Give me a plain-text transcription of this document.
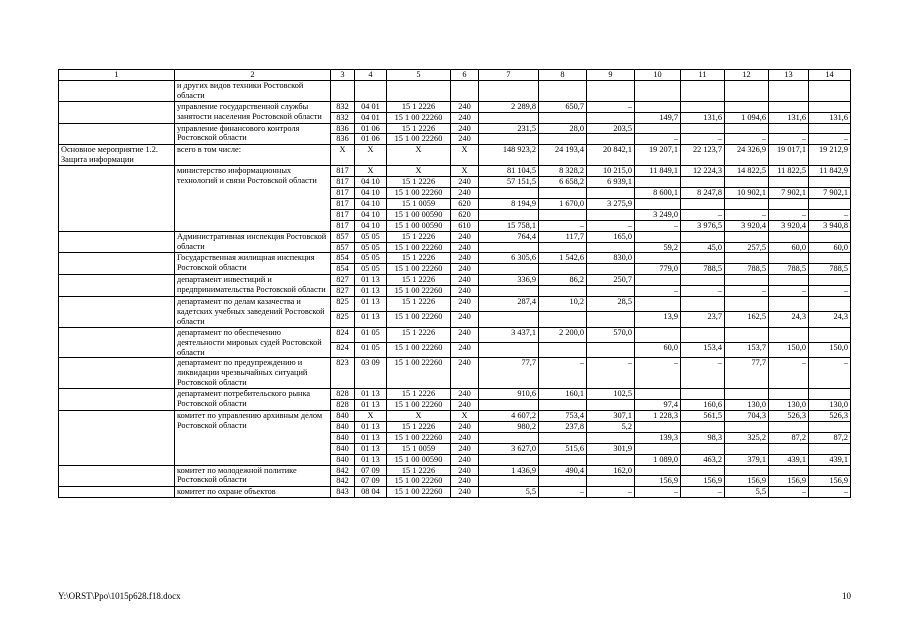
1	2	3	4	5	6	7	8	9	10	11	12	13	14
	и других видов техники Ростовской области												
	управление государственной службы занятости населения Ростовской области	832	04 01	15 1 2226	240	2 289,8	650,7	–					
		832	04 01	15 1 00 22260	240				149,7	131,6	1 094,6	131,6	131,6
	управление финансового контроля Ростовской области	836	01 06	15 1 2226	240	231,5	28,0	203,5					
		836	01 06	15 1 00 22260	240				–	–	–	–	–
Основное мероприятие 1.2. Защита информации	всего в том числе:	Х	Х	Х	Х	148 923,2	24 193,4	20 842,1	19 207,1	22 123,7	24 326,9	19 017,1	19 212,9
	министерство информационных технологий и связи Ростовской области	817	Х	Х	Х	81 104,5	8 328,2	10 215,0	11 849,1	12 224,3	14 822,5	11 822,5	11 842,9
		817	04 10	15 1 2226	240	57 151,5	6 658,2	6 939,1					
		817	04 10	15 1 00 22260	240				8 600,1	8 247,8	10 902,1	7 902,1	7 902,1
		817	04 10	15 1 0059	620	8 194,9	1 670,0	3 275,9					
		817	04 10	15 1 00 00590	620				3 249,0	–	–	–	–
		817	04 10	15 1 00 00590	610	15 758,1	–	–	–	3 976,5	3 920,4	3 920,4	3 940,8
	Административная инспекция Ростовской области	857	05 05	15 1 2226	240	764,4	117,7	165,0					
		857	05 05	15 1 00 22260	240				59,2	45,0	257,5	60,0	60,0
	Государственная жилищная инспекция Ростовской области	854	05 05	15 1 2226	240	6 305,6	1 542,6	830,0					
		854	05 05	15 1 00 22260	240				779,0	788,5	788,5	788,5	788,5
	департамент инвестиций и предпринимательства Ростовской области	827	01 13	15 1 2226	240	336,9	86,2	250,7					
		827	01 13	15 1 00 22260	240				–	–	–	–	–
	департамент по делам казачества и кадетских учебных заведений Ростовской области	825	01 13	15 1 2226	240	287,4	10,2	28,5					
		825	01 13	15 1 00 22260	240				13,9	23,7	162,5	24,3	24,3
	департамент по обеспечению деятельности мировых судей Ростовской области	824	01 05	15 1 2226	240	3 437,1	2 200,0	570,0					
		824	01 05	15 1 00 22260	240				60,0	153,4	153,7	150,0	150,0
	департамент по предупреждению и ликвидации чрезвычайных ситуаций Ростовской области	823	03 09	15 1 00 22260	240	77,7	–	–	–	–	77,7	–	–
	департамент потребительского рынка Ростовской области	828	01 13	15 1 2226	240	910,6	160,1	102,5					
		828	01 13	15 1 00 22260	240				97,4	160,6	130,0	130,0	130,0
	комитет по управлению архивным делом Ростовской области	840	Х	Х	Х	4 607,2	753,4	307,1	1 228,3	561,5	704,3	526,3	526,3
		840	01 13	15 1 2226	240	980,2	237,8	5,2					
		840	01 13	15 1 00 22260	240				139,3	98,3	325,2	87,2	87,2
		840	01 13	15 1 0059	240	3 627,0	515,6	301,9					
		840	01 13	15 1 00 00590	240				1 089,0	463,2	379,1	439,1	439,1
	комитет по молодежной политике Ростовской области	842	07 09	15 1 2226	240	1 436,9	490,4	162,0					
		842	07 09	15 1 00 22260	240				156,9	156,9	156,9	156,9	156,9
	комитет по охране объектов	843	08 04	15 1 00 22260	240	5,5	–	–	–	–	5,5	–	–
Y:\ORST\Ppo\1015p628.f18.docx	10
